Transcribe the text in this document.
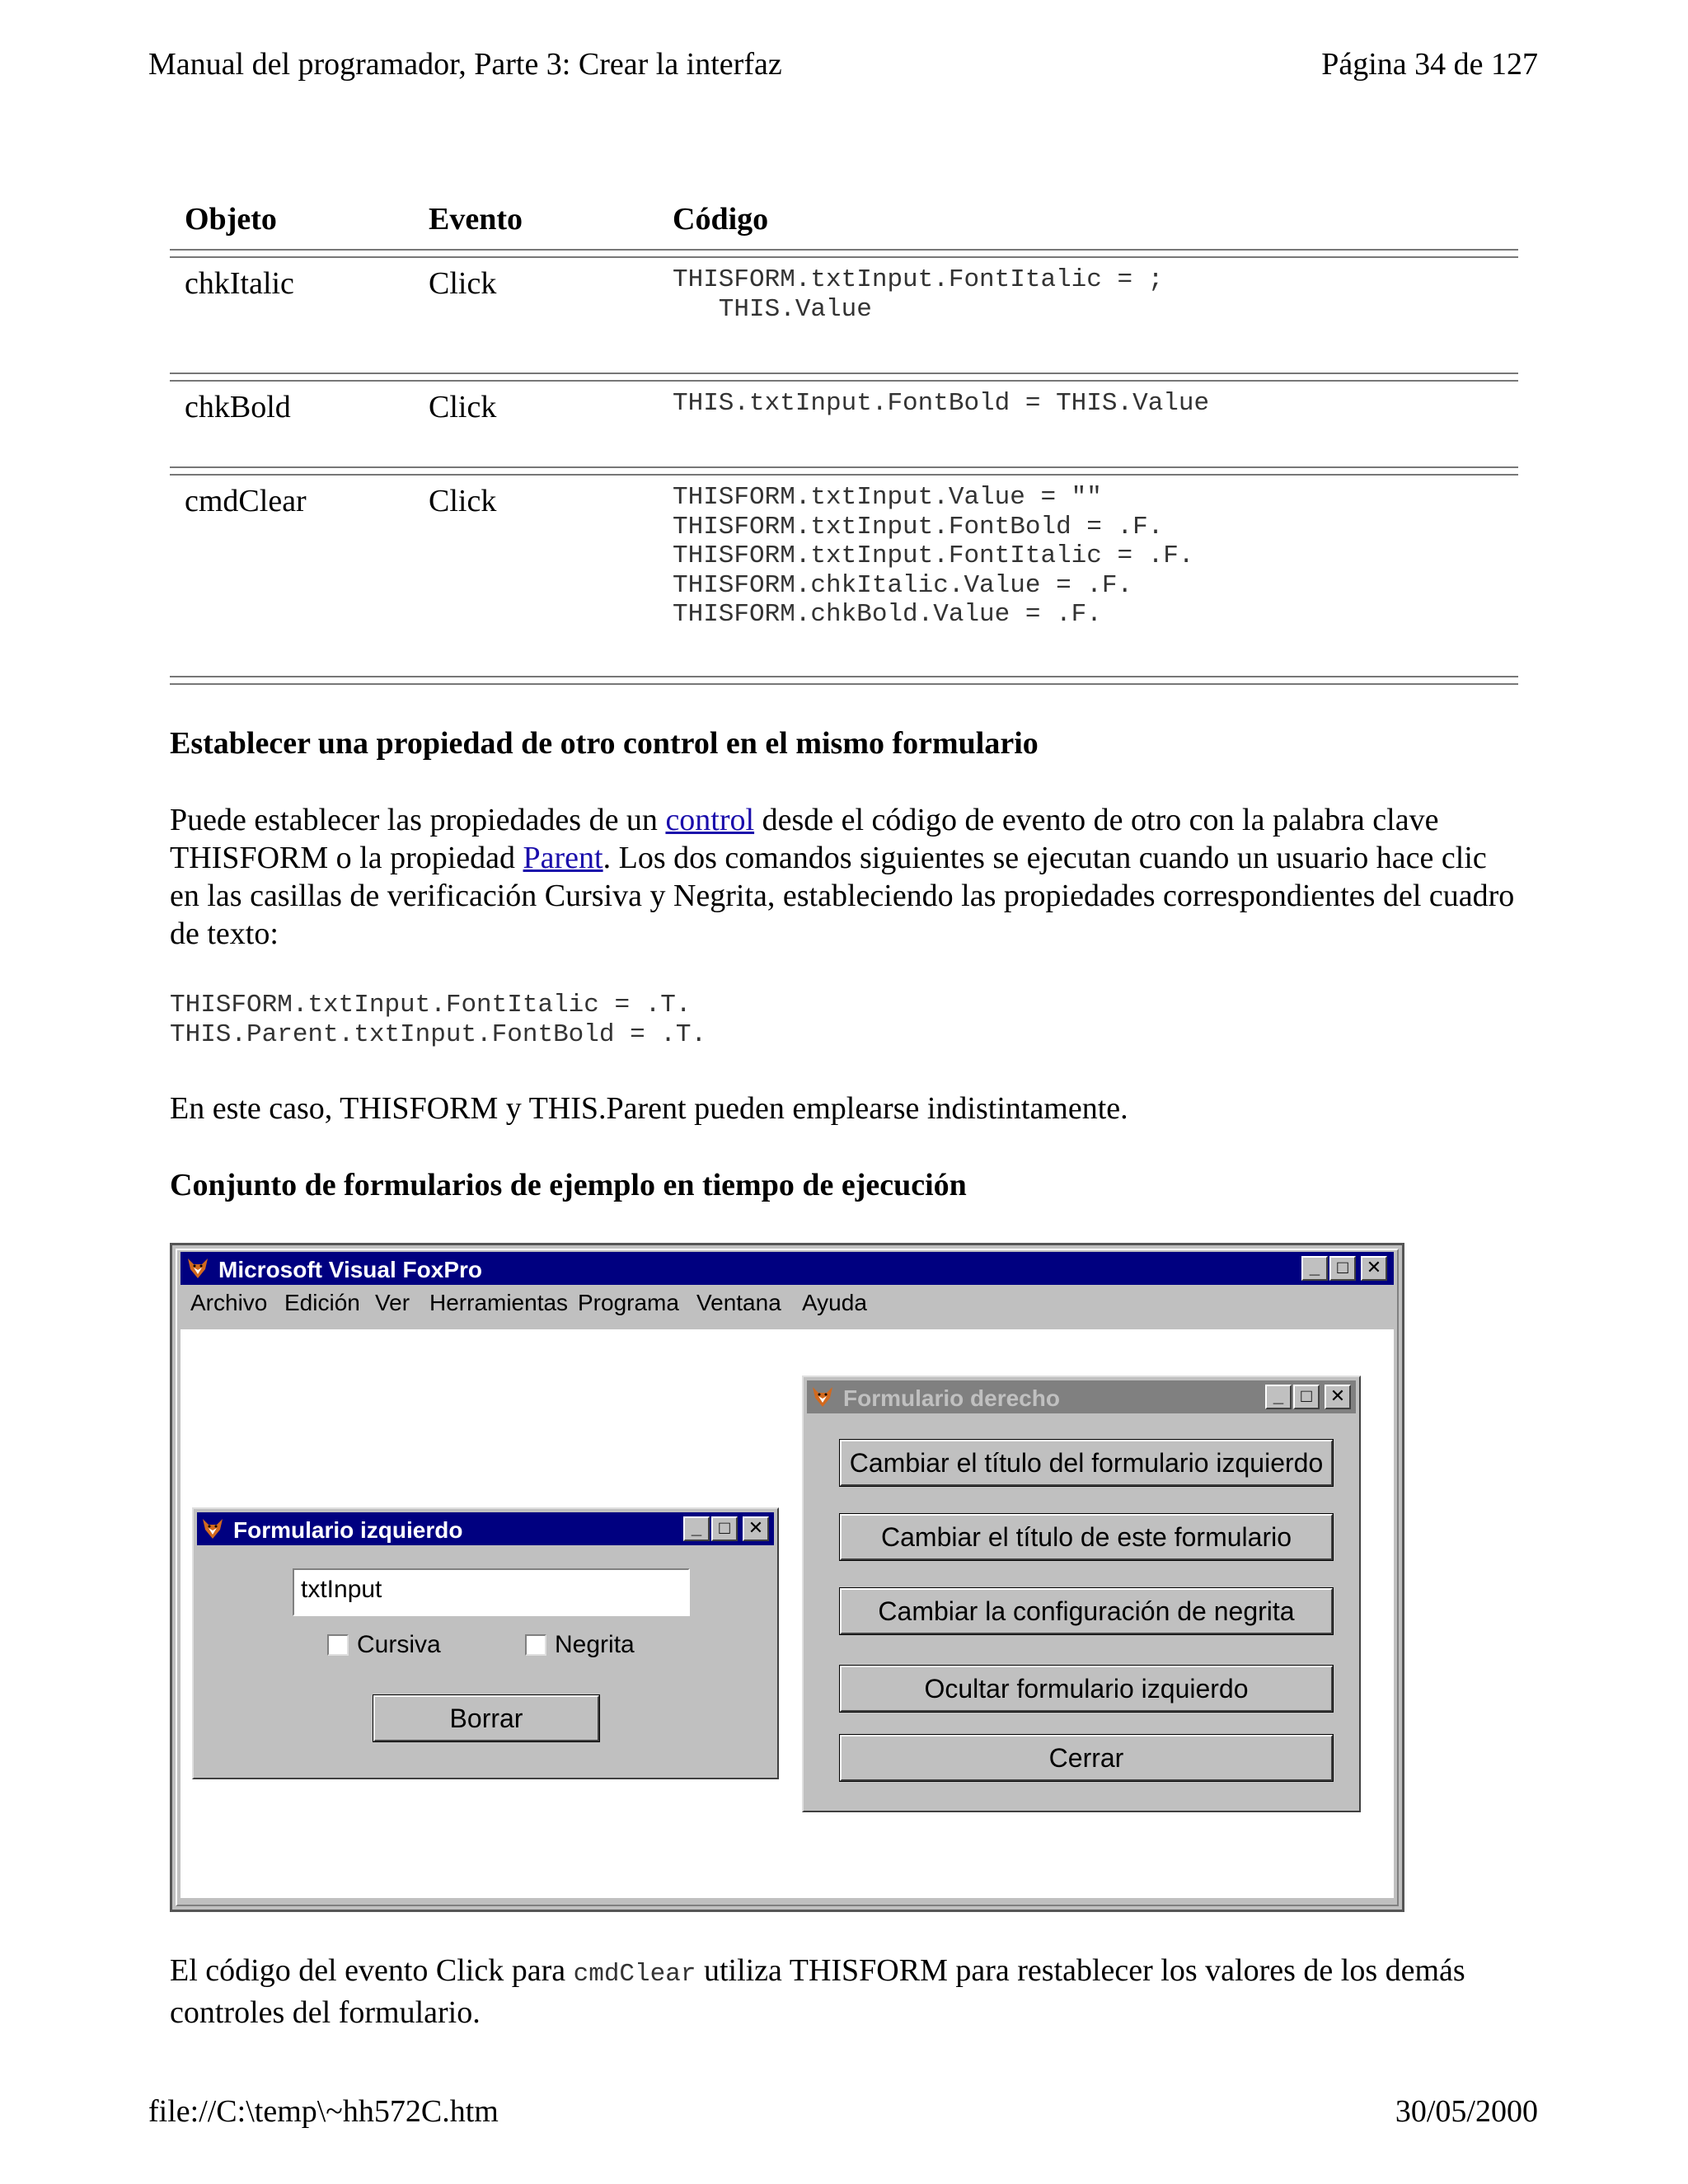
Manual del programador, Parte 3: Crear la interfaz	Página 34 de 127
Objeto	Evento	Código
chkItalic	Click	THISFORM.txtInput.FontItalic = ;
THIS.Value
chkBold	Click	THIS.txtInput.FontBold = THIS.Value
cmdClear	Click	THISFORM.txtInput.Value = ""
THISFORM.txtInput.FontBold = .F.
THISFORM.txtInput.FontItalic = .F.
THISFORM.chkItalic.Value = .F.
THISFORM.chkBold.Value = .F.
Establecer una propiedad de otro control en el mismo formulario
Puede establecer las propiedades de un control desde el código de evento de otro con la palabra clave THISFORM o la propiedad Parent. Los dos comandos siguientes se ejecutan cuando un usuario hace clic en las casillas de verificación Cursiva y Negrita, estableciendo las propiedades correspondientes del cuadro de texto:
THISFORM.txtInput.FontItalic = .T.
THIS.Parent.txtInput.FontBold = .T.
En este caso, THISFORM y THIS.Parent pueden emplearse indistintamente.
Conjunto de formularios de ejemplo en tiempo de ejecución
Microsoft Visual FoxPro	_ □	✕
Archivo Edición Ver Herramientas Programa Ventana Ayuda
Formulario izquierdo	_ □	✕
txtInput
Cursiva	Negrita
Borrar
Formulario derecho	_ □	✕
Cambiar el título del formulario izquierdo
Cambiar el título de este formulario
Cambiar la configuración de negrita
Ocultar formulario izquierdo
Cerrar
El código del evento Click para cmdClear utiliza THISFORM para restablecer los valores de los demás controles del formulario.
file://C:\temp\~hh572C.htm	30/05/2000
